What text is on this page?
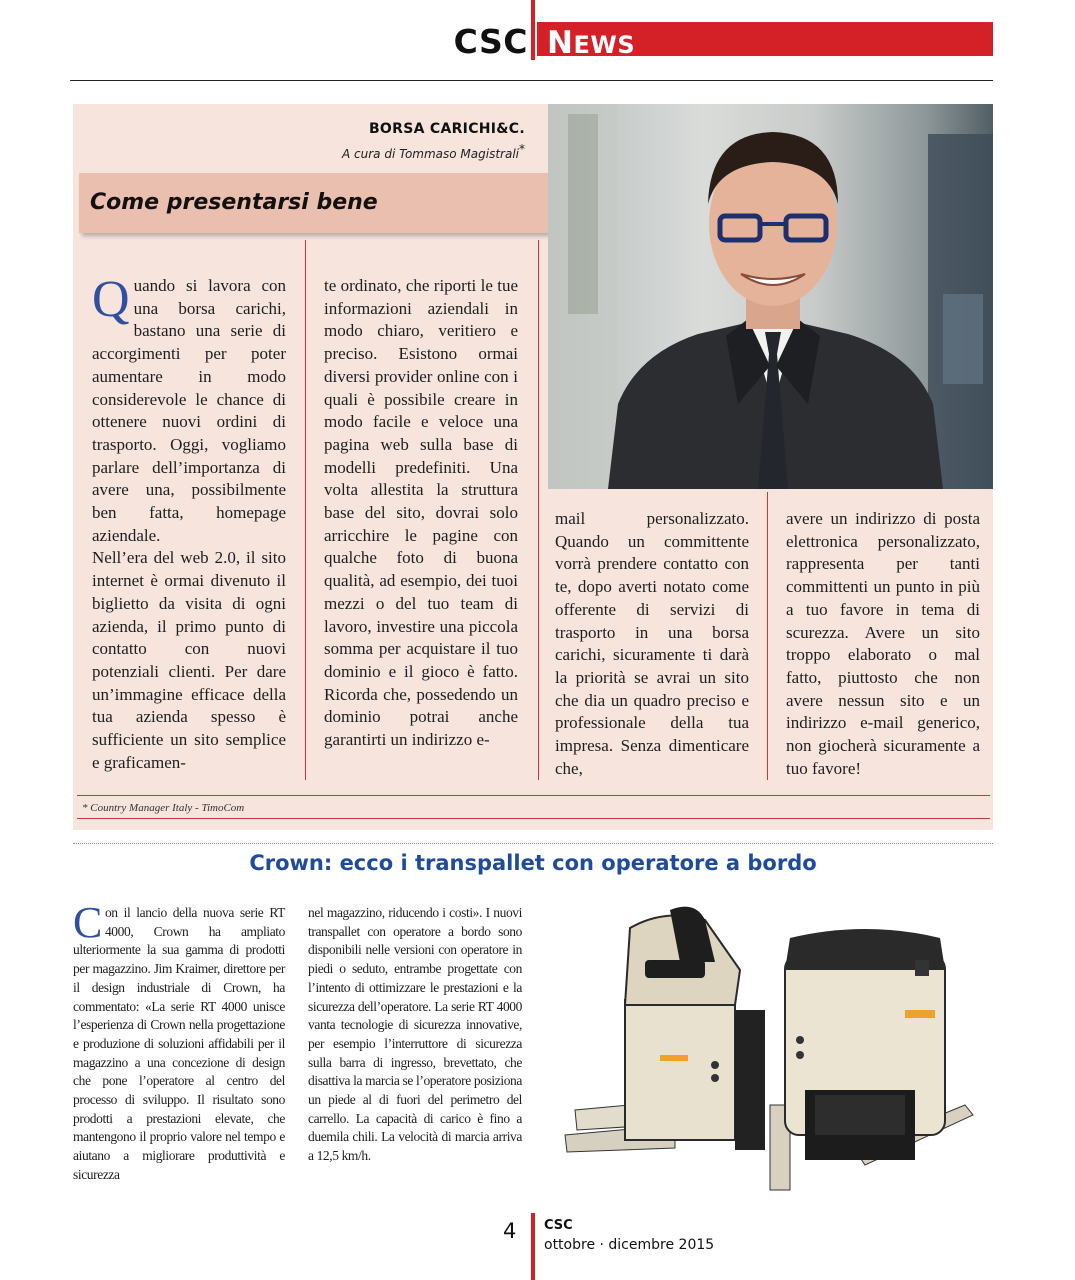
CSC NEWS
BORSA CARICHI&C.
A cura di Tommaso Magistrali*
Come presentarsi bene

Quando si lavora con una borsa carichi, bastano una serie di accorgimenti per poter aumentare in modo considerevole le chance di ottenere nuovi ordini di trasporto. Oggi, vogliamo parlare dell’importanza di avere una, possibilmente ben fatta, homepage aziendale.

Nell’era del web 2.0, il sito internet è ormai divenuto il biglietto da visita di ogni azienda, il primo punto di contatto con nuovi potenziali clienti. Per dare un’immagine efficace della tua azienda spesso è sufficiente un sito semplice e graficamen-

te ordinato, che riporti le tue informazioni aziendali in modo chiaro, veritiero e preciso. Esistono ormai diversi provider online con i quali è possibile creare in modo facile e veloce una pagina web sulla base di modelli predefiniti. Una volta allestita la struttura base del sito, dovrai solo arricchire le pagine con qualche foto di buona qualità, ad esempio, dei tuoi mezzi o del tuo team di lavoro, investire una piccola somma per acquistare il tuo dominio e il gioco è fatto. Ricorda che, possedendo un dominio potrai anche garantirti un indirizzo e-

mail personalizzato. Quando un committente vorrà prendere contatto con te, dopo averti notato come offerente di servizi di trasporto in una borsa carichi, sicuramente ti darà la priorità se avrai un sito che dia un quadro preciso e professionale della tua impresa. Senza dimenticare che,

avere un indirizzo di posta elettronica personalizzato, rappresenta per tanti committenti un punto in più a tuo favore in tema di scurezza. Avere un sito troppo elaborato o mal fatto, piuttosto che non avere nessun sito e un indirizzo e-mail generico, non giocherà sicuramente a tuo favore!

* Country Manager Italy - TimoCom
Crown: ecco i transpallet con operatore a bordo

Con il lancio della nuova serie RT 4000, Crown ha ampliato ulteriormente la sua gamma di prodotti per magazzino. Jim Kraimer, direttore per il design industriale di Crown, ha commentato: «La serie RT 4000 unisce l’esperienza di Crown nella progettazione e produzione di soluzioni affidabili per il magazzino a una concezione di design che pone l’operatore al centro del processo di sviluppo. Il risultato sono prodotti a prestazioni elevate, che mantengono il proprio valore nel tempo e aiutano a migliorare produttività e sicurezza

nel magazzino, riducendo i costi». I nuovi transpallet con operatore a bordo sono disponibili nelle versioni con operatore in piedi o seduto, entrambe progettate con l’intento di ottimizzare le prestazioni e la sicurezza dell’operatore. La serie RT 4000 vanta tecnologie di sicurezza innovative, per esempio l’interruttore di sicurezza sulla barra di ingresso, brevettato, che disattiva la marcia se l’operatore posiziona un piede al di fuori del perimetro del carrello. La capacità di carico è fino a duemila chili. La velocità di marcia arriva a 12,5 km/h.

4 CSC
ottobre · dicembre 2015
